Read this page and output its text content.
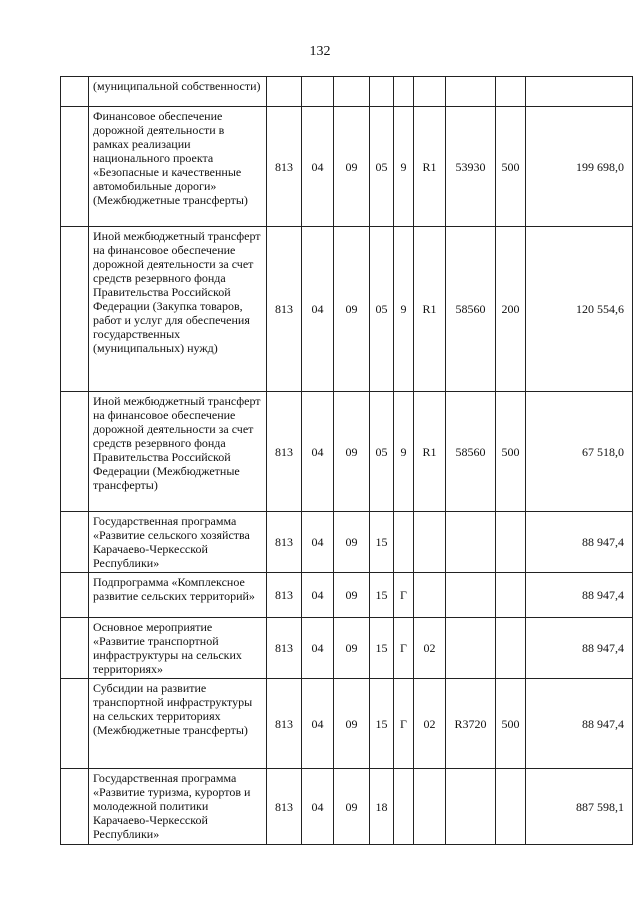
132
	(муниципальной собственности)									
	Финансовое обеспечение дорожной деятельности в рамках реализации национального проекта «Безопасные и качественные автомобильные дороги» (Межбюджетные трансферты)	813	04	09	05	9	R1	53930	500	199 698,0
	Иной межбюджетный трансферт на финансовое обеспечение дорожной деятельности за счет средств резервного фонда Правительства Российской Федерации (Закупка товаров, работ и услуг для обеспечения государственных (муниципальных) нужд)	813	04	09	05	9	R1	58560	200	120 554,6
	Иной межбюджетный трансферт на финансовое обеспечение дорожной деятельности за счет средств резервного фонда Правительства Российской Федерации (Межбюджетные трансферты)	813	04	09	05	9	R1	58560	500	67 518,0
	Государственная программа «Развитие сельского хозяйства Карачаево-Черкесской Республики»	813	04	09	15					88 947,4
	Подпрограмма «Комплексное развитие сельских территорий»	813	04	09	15	Г				88 947,4
	Основное мероприятие «Развитие транспортной инфраструктуры на сельских территориях»	813	04	09	15	Г	02			88 947,4
	Субсидии на развитие транспортной инфраструктуры на сельских территориях (Межбюджетные трансферты)	813	04	09	15	Г	02	R3720	500	88 947,4
	Государственная программа «Развитие туризма, курортов и молодежной политики Карачаево-Черкесской Республики»	813	04	09	18					887 598,1
